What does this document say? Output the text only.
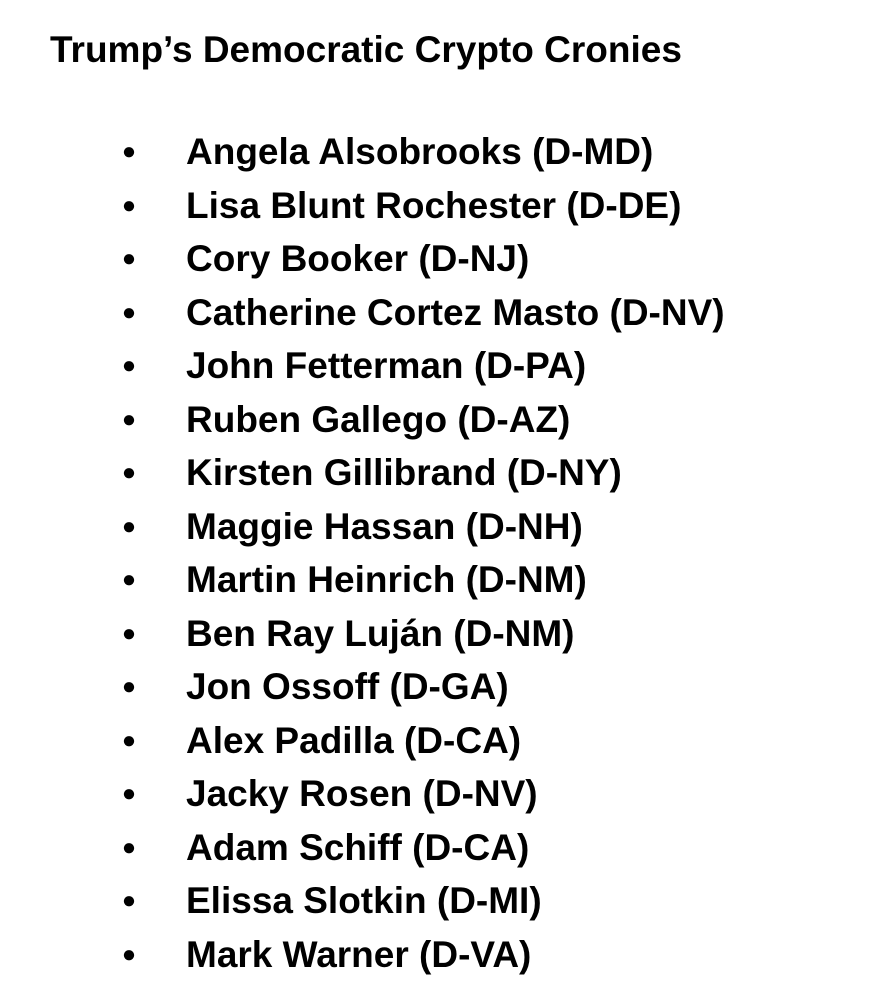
Trump’s Democratic Crypto Cronies
● Angela Alsobrooks (D-MD)
● Lisa Blunt Rochester (D-DE)
● Cory Booker (D-NJ)
● Catherine Cortez Masto (D-NV)
● John Fetterman (D-PA)
● Ruben Gallego (D-AZ)
● Kirsten Gillibrand (D-NY)
● Maggie Hassan (D-NH)
● Martin Heinrich (D-NM)
● Ben Ray Luján (D-NM)
● Jon Ossoff (D-GA)
● Alex Padilla (D-CA)
● Jacky Rosen (D-NV)
● Adam Schiff (D-CA)
● Elissa Slotkin (D-MI)
● Mark Warner (D-VA)
